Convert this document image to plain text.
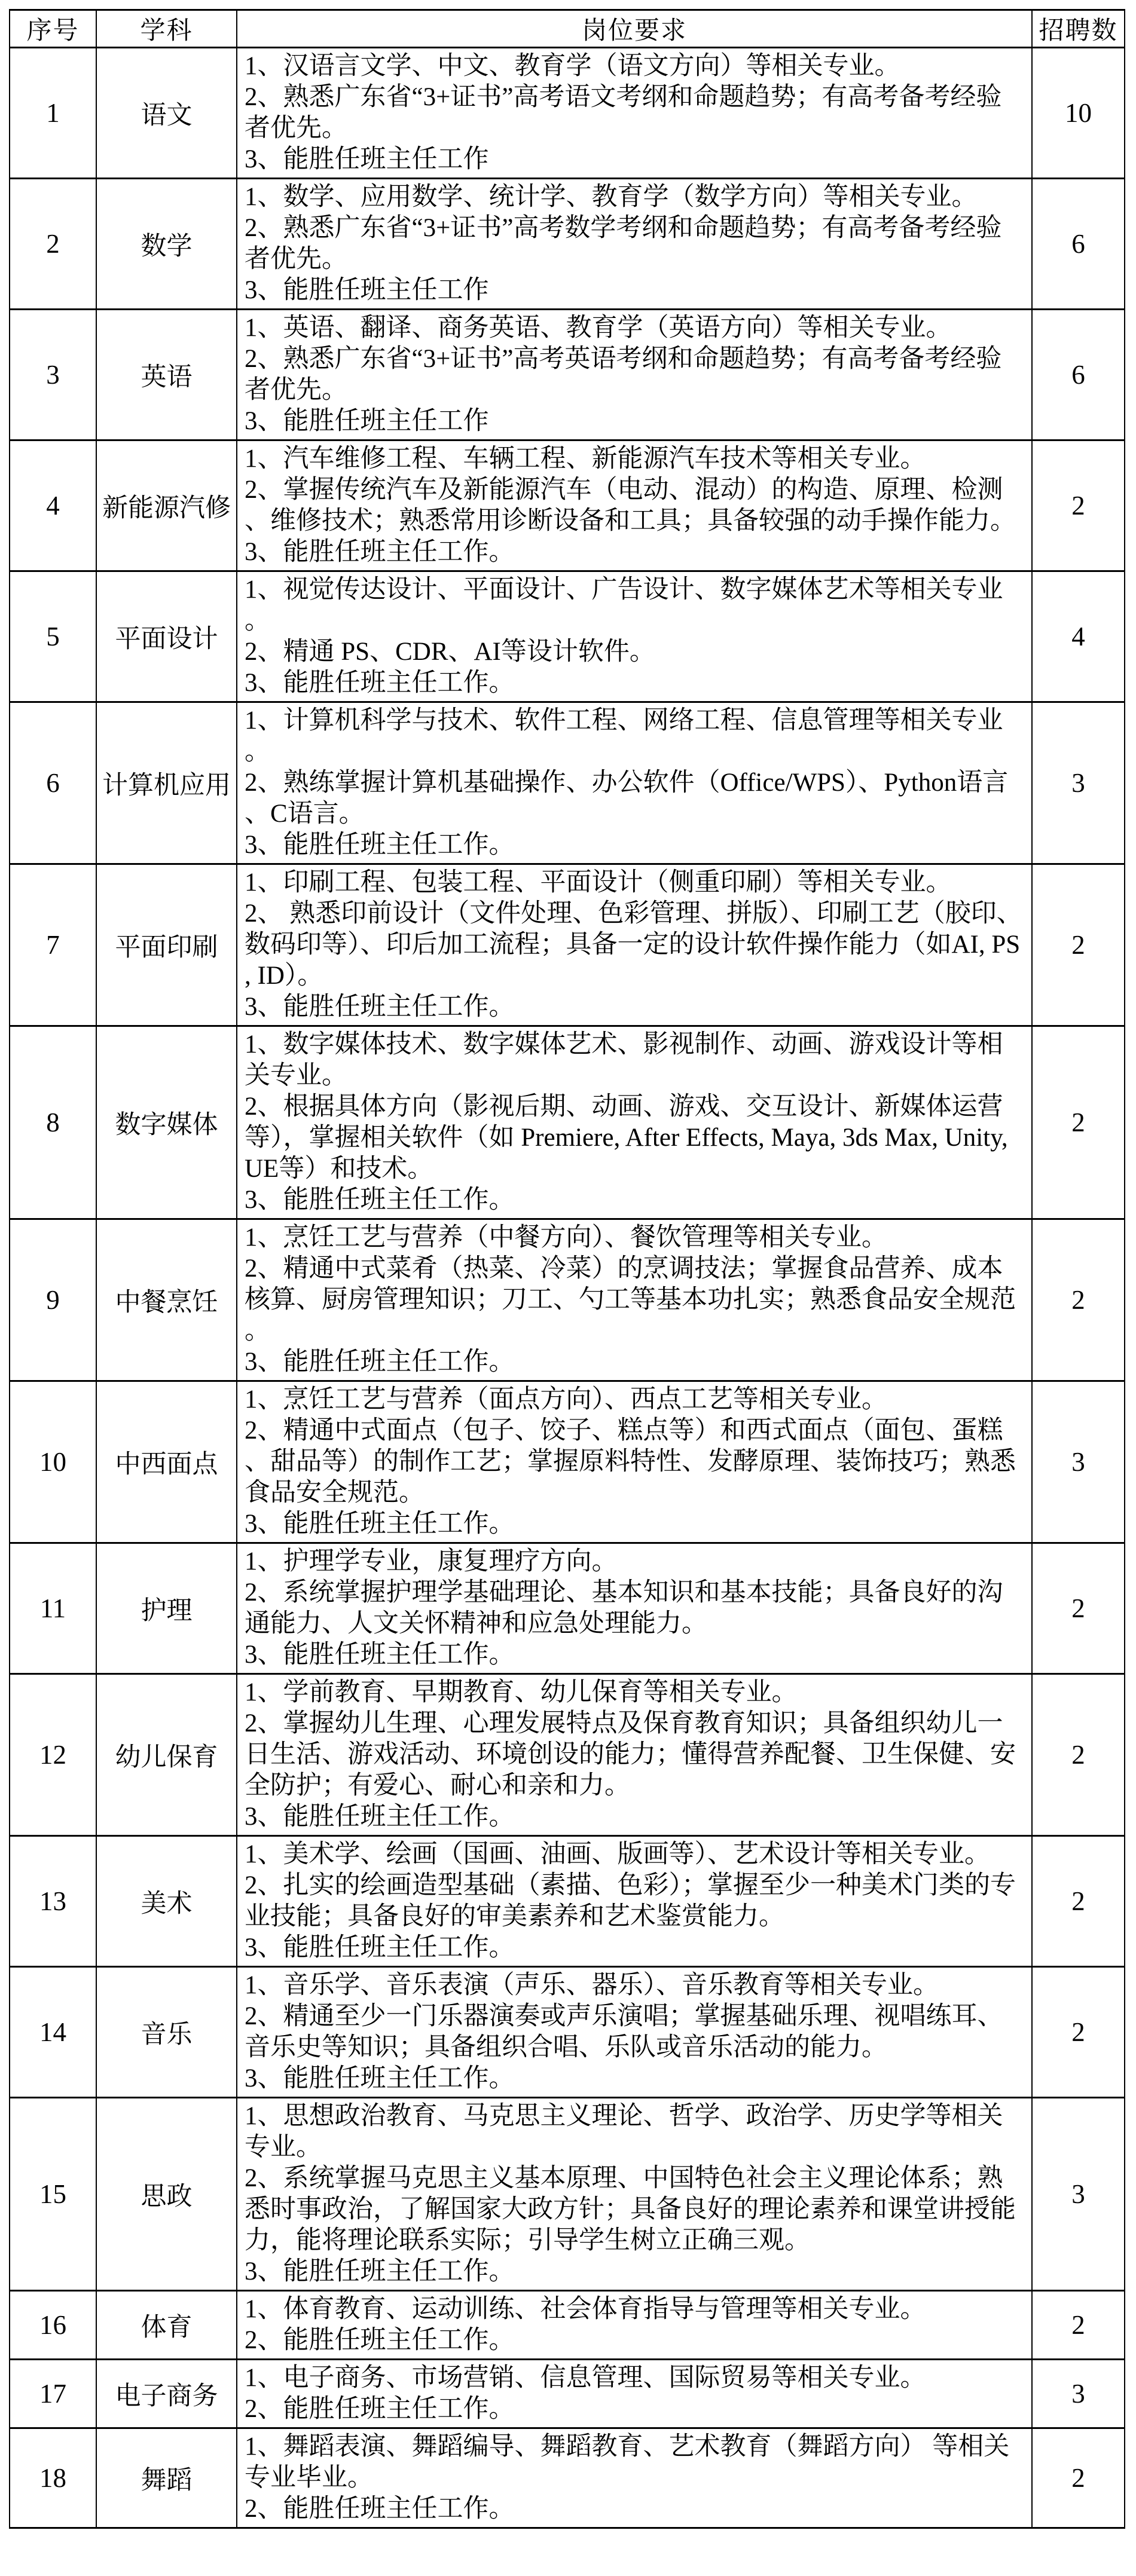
序号	学科	岗位要求	招聘数
1	语文	1、汉语言文学、中文、教育学（语文方向）等相关专业。
2、熟悉广东省“3+证书”高考语文考纲和命题趋势；有高考备考经验者优先。
3、能胜任班主任工作	10
2	数学	1、数学、应用数学、统计学、教育学（数学方向）等相关专业。
2、熟悉广东省“3+证书”高考数学考纲和命题趋势；有高考备考经验者优先。
3、能胜任班主任工作	6
3	英语	1、英语、翻译、商务英语、教育学（英语方向）等相关专业。
2、熟悉广东省“3+证书”高考英语考纲和命题趋势；有高考备考经验者优先。
3、能胜任班主任工作	6
4	新能源汽修	1、汽车维修工程、车辆工程、新能源汽车技术等相关专业。
2、掌握传统汽车及新能源汽车（电动、混动）的构造、原理、检测、维修技术；熟悉常用诊断设备和工具；具备较强的动手操作能力。
3、能胜任班主任工作。	2
5	平面设计	1、视觉传达设计、平面设计、广告设计、数字媒体艺术等相关专业。
2、精通 PS、CDR、AI等设计软件。
3、能胜任班主任工作。	4
6	计算机应用	1、计算机科学与技术、软件工程、网络工程、信息管理等相关专业。
2、熟练掌握计算机基础操作、办公软件（Office/WPS）、Python语言、C语言。
3、能胜任班主任工作。	3
7	平面印刷	1、印刷工程、包装工程、平面设计（侧重印刷）等相关专业。
2、 熟悉印前设计（文件处理、色彩管理、拼版）、印刷工艺（胶印、数码印等）、印后加工流程；具备一定的设计软件操作能力（如AI, PS, ID）。
3、能胜任班主任工作。	2
8	数字媒体	1、数字媒体技术、数字媒体艺术、影视制作、动画、游戏设计等相关专业。
2、根据具体方向（影视后期、动画、游戏、交互设计、新媒体运营等），掌握相关软件（如 Premiere, After Effects, Maya, 3ds Max, Unity, UE等）和技术。
3、能胜任班主任工作。	2
9	中餐烹饪	1、烹饪工艺与营养（中餐方向）、餐饮管理等相关专业。
2、精通中式菜肴（热菜、冷菜）的烹调技法；掌握食品营养、成本核算、厨房管理知识；刀工、勺工等基本功扎实；熟悉食品安全规范。
3、能胜任班主任工作。	2
10	中西面点	1、烹饪工艺与营养（面点方向）、西点工艺等相关专业。
2、精通中式面点（包子、饺子、糕点等）和西式面点（面包、蛋糕、甜品等）的制作工艺；掌握原料特性、发酵原理、装饰技巧；熟悉食品安全规范。
3、能胜任班主任工作。	3
11	护理	1、护理学专业，康复理疗方向。
2、系统掌握护理学基础理论、基本知识和基本技能；具备良好的沟通能力、人文关怀精神和应急处理能力。
3、能胜任班主任工作。	2
12	幼儿保育	1、学前教育、早期教育、幼儿保育等相关专业。
2、掌握幼儿生理、心理发展特点及保育教育知识；具备组织幼儿一日生活、游戏活动、环境创设的能力；懂得营养配餐、卫生保健、安全防护；有爱心、耐心和亲和力。
3、能胜任班主任工作。	2
13	美术	1、美术学、绘画（国画、油画、版画等）、艺术设计等相关专业。
2、扎实的绘画造型基础（素描、色彩）；掌握至少一种美术门类的专业技能；具备良好的审美素养和艺术鉴赏能力。
3、能胜任班主任工作。	2
14	音乐	1、音乐学、音乐表演（声乐、器乐）、音乐教育等相关专业。
2、精通至少一门乐器演奏或声乐演唱；掌握基础乐理、视唱练耳、音乐史等知识；具备组织合唱、乐队或音乐活动的能力。
3、能胜任班主任工作。	2
15	思政	1、思想政治教育、马克思主义理论、哲学、政治学、历史学等相关专业。
2、系统掌握马克思主义基本原理、中国特色社会主义理论体系；熟悉时事政治，了解国家大政方针；具备良好的理论素养和课堂讲授能力，能将理论联系实际；引导学生树立正确三观。
3、能胜任班主任工作。	3
16	体育	1、体育教育、运动训练、社会体育指导与管理等相关专业。
2、能胜任班主任工作。	2
17	电子商务	1、电子商务、市场营销、信息管理、国际贸易等相关专业。
2、能胜任班主任工作。	3
18	舞蹈	1、舞蹈表演、舞蹈编导、舞蹈教育、艺术教育（舞蹈方向） 等相关专业毕业。
2、能胜任班主任工作。	2
